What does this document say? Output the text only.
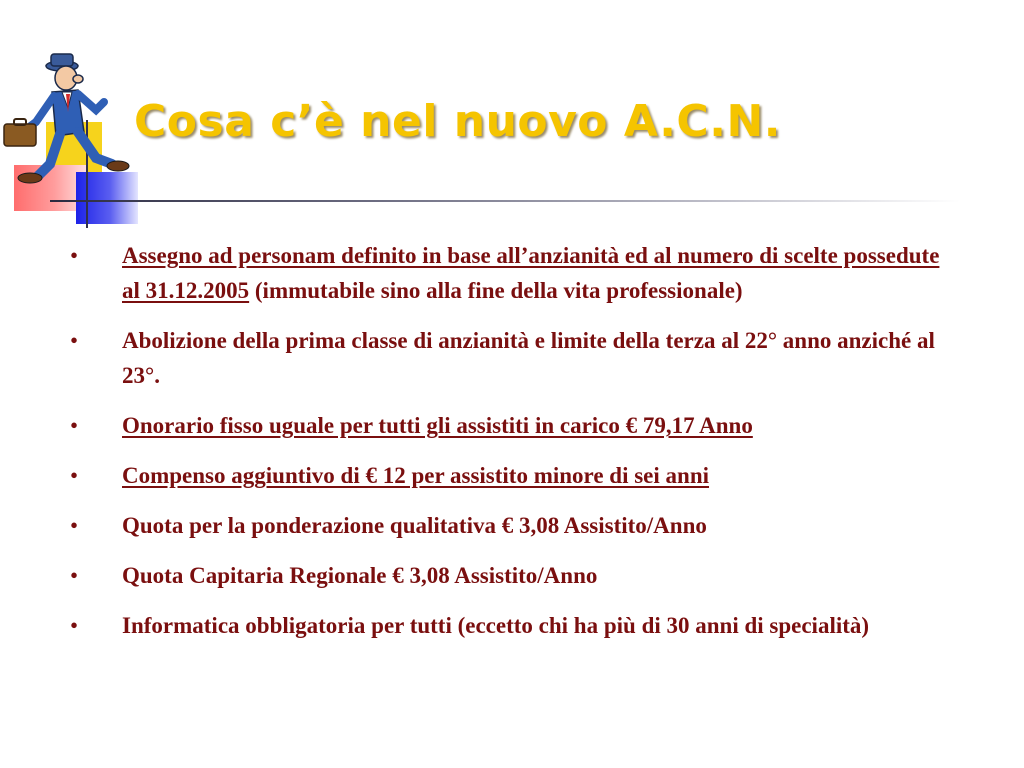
Cosa c’è nel nuovo A.C.N.
• Assegno ad personam definito in base all’anzianità ed al numero di scelte possedute al 31.12.2005 (immutabile sino alla fine della vita professionale)
• Abolizione della prima classe di anzianità e limite della terza al 22° anno anziché al 23°.
• Onorario fisso uguale per tutti gli assistiti in carico € 79,17 Anno
• Compenso aggiuntivo di € 12 per assistito minore di sei anni
• Quota per la ponderazione qualitativa € 3,08 Assistito/Anno
• Quota Capitaria Regionale € 3,08 Assistito/Anno
• Informatica obbligatoria per tutti (eccetto chi ha più di 30 anni di specialità)
